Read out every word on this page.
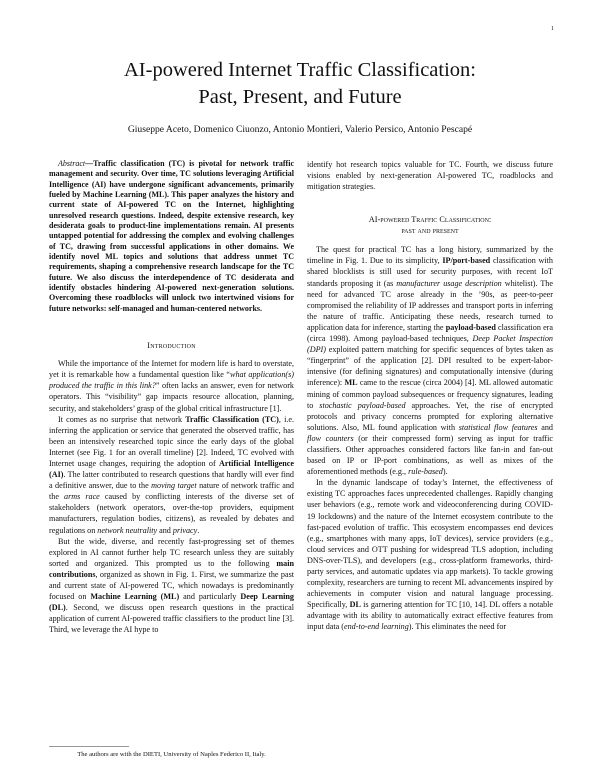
1
AI-powered Internet Traffic Classification:
Past, Present, and Future
Giuseppe Aceto, Domenico Ciuonzo, Antonio Montieri, Valerio Persico, Antonio Pescapé

Abstract—Traffic classification (TC) is pivotal for network traffic management and security. Over time, TC solutions leveraging Artificial Intelligence (AI) have undergone significant advancements, primarily fueled by Machine Learning (ML). This paper analyzes the history and current state of AI-powered TC on the Internet, highlighting unresolved research questions. Indeed, despite extensive research, key desiderata goals to product-line implementations remain. AI presents untapped potential for addressing the complex and evolving challenges of TC, drawing from successful applications in other domains. We identify novel ML topics and solutions that address unmet TC requirements, shaping a comprehensive research landscape for the TC future. We also discuss the interdependence of TC desiderata and identify obstacles hindering AI-powered next-generation solutions. Overcoming these roadblocks will unlock two intertwined visions for future networks: self-managed and human-centered networks.

Introduction

While the importance of the Internet for modern life is hard to overstate, yet it is remarkable how a fundamental question like “what application(s) produced the traffic in this link?” often lacks an answer, even for network operators. This “visibility” gap impacts resource allocation, planning, security, and stakeholders’ grasp of the global critical infrastructure [1].

It comes as no surprise that network Traffic Classification (TC), i.e. inferring the application or service that generated the observed traffic, has been an intensively researched topic since the early days of the global Internet (see Fig. 1 for an overall timeline) [2]. Indeed, TC evolved with Internet usage changes, requiring the adoption of Artificial Intelligence (AI). The latter contributed to research questions that hardly will ever find a definitive answer, due to the moving target nature of network traffic and the arms race caused by conflicting interests of the diverse set of stakeholders (network operators, over-the-top providers, equipment manufacturers, regulation bodies, citizens), as revealed by debates and regulations on network neutrality and privacy.

But the wide, diverse, and recently fast-progressing set of themes explored in AI cannot further help TC research unless they are suitably sorted and organized. This prompted us to the following main contributions, organized as shown in Fig. 1. First, we summarize the past and current state of AI-powered TC, which nowadays is predominantly focused on Machine Learning (ML) and particularly Deep Learning (DL). Second, we discuss open research questions in the practical application of current AI-powered traffic classifiers to the product line [3]. Third, we leverage the AI hype to

identify hot research topics valuable for TC. Fourth, we discuss future visions enabled by next-generation AI-powered TC, roadblocks and mitigation strategies.

AI-powered Traffic Classification:
past and present

The quest for practical TC has a long history, summarized by the timeline in Fig. 1. Due to its simplicity, IP/port-based classification with shared blocklists is still used for security purposes, with recent IoT standards proposing it (as manufacturer usage description whitelist). The need for advanced TC arose already in the ’90s, as peer-to-peer compromised the reliability of IP addresses and transport ports in inferring the nature of traffic. Anticipating these needs, research turned to application data for inference, starting the payload-based classification era (circa 1998). Among payload-based techniques, Deep Packet Inspection (DPI) exploited pattern matching for specific sequences of bytes taken as “fingerprint” of the application [2]. DPI resulted to be expert-labor-intensive (for defining signatures) and computationally intensive (during inference): ML came to the rescue (circa 2004) [4]. ML allowed automatic mining of common payload subsequences or frequency signatures, leading to stochastic payload-based approaches. Yet, the rise of encrypted protocols and privacy concerns prompted for exploring alternative solutions. Also, ML found application with statistical flow features and flow counters (or their compressed form) serving as input for traffic classifiers. Other approaches considered factors like fan-in and fan-out based on IP or IP-port combinations, as well as mixes of the aforementioned methods (e.g., rule-based).

In the dynamic landscape of today’s Internet, the effectiveness of existing TC approaches faces unprecedented challenges. Rapidly changing user behaviors (e.g., remote work and videoconferencing during COVID-19 lockdowns) and the nature of the Internet ecosystem contribute to the fast-paced evolution of traffic. This ecosystem encompasses end devices (e.g., smartphones with many apps, IoT devices), service providers (e.g., cloud services and OTT pushing for widespread TLS adoption, including DNS-over-TLS), and developers (e.g., cross-platform frameworks, third-party services, and automatic updates via app markets). To tackle growing complexity, researchers are turning to recent ML advancements inspired by achievements in computer vision and natural language processing. Specifically, DL is garnering attention for TC [10, 14]. DL offers a notable advantage with its ability to automatically extract effective features from input data (end-to-end learning). This eliminates the need for

The authors are with the DIETI, University of Naples Federico II, Italy.
